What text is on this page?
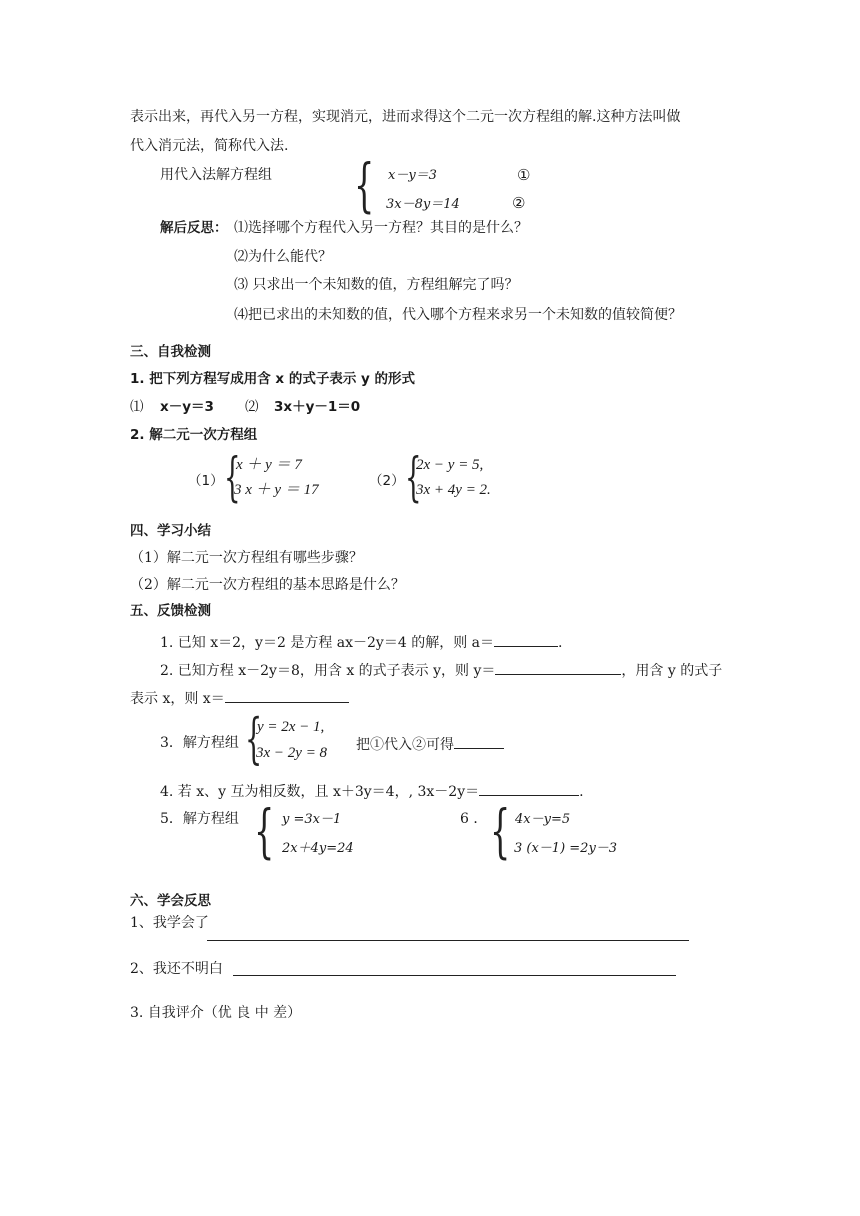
表示出来，再代入另一方程，实现消元，进而求得这个二元一次方程组的解.这种方法叫做
代入消元法，简称代入法.
用代入法解方程组 { x－y＝3	①
3x－8y＝14	②
解后反思： ⑴选择哪个方程代入另一方程？其目的是什么？
⑵为什么能代？
⑶ 只求出一个未知数的值，方程组解完了吗？
⑷把已求出的未知数的值，代入哪个方程来求另一个未知数的值较简便？
三、自我检测
1. 把下列方程写成用含 x 的式子表示 y 的形式
⑴ x－y＝3 ⑵ 3x＋y－1＝0
2. 解二元一次方程组
（1） {
x ＋ y ＝ 7
3 x ＋ y ＝ 17
（2） {
2x − y = 5,
3x + 4y = 2.
四、学习小结
（1）解二元一次方程组有哪些步骤？
（2）解二元一次方程组的基本思路是什么？
五、反馈检测
1. 已知 x＝2，y＝2 是方程 ax－2y＝4 的解，则 a＝	.
2. 已知方程 x－2y＝8，用含 x 的式子表示 y，则 y＝	，用含 y 的式子
表示 x，则 x＝
3．解方程组 {
y = 2x − 1,
3x − 2y = 8 把①代入②可得
4. 若 x、y 互为相反数，且 x＋3y＝4，, 3x－2y＝	.
5．解方程组 { y =3x－1
2x＋4y=24
6 ． { 4x－y=5
3 (x－1) =2y－3
六、学会反思
1、我学会了
2、我还不明白
3. 自我评介（优 良 中 差）
